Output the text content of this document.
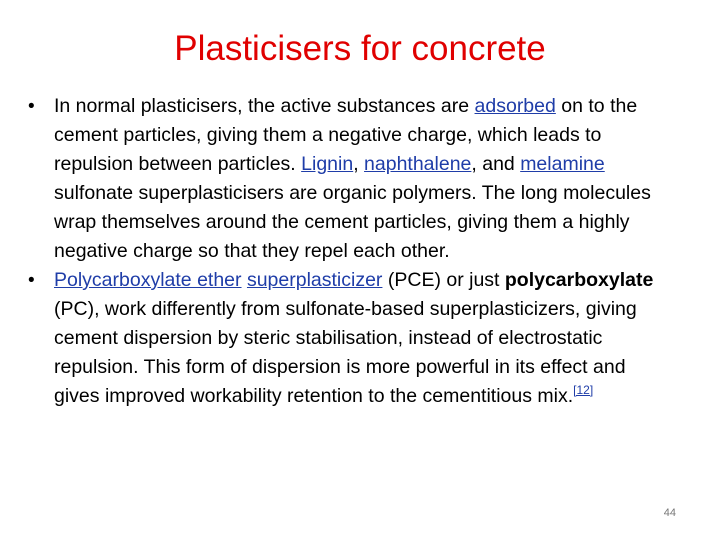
Plasticisers for concrete
• In normal plasticisers, the active substances are adsorbed on to the cement particles, giving them a negative charge, which leads to repulsion between particles. Lignin, naphthalene, and melamine sulfonate superplasticisers are organic polymers. The long molecules wrap themselves around the cement particles, giving them a highly negative charge so that they repel each other.
• Polycarboxylate ether superplasticizer (PCE) or just polycarboxylate (PC), work differently from sulfonate-based superplasticizers, giving cement dispersion by steric stabilisation, instead of electrostatic repulsion. This form of dispersion is more powerful in its effect and gives improved workability retention to the cementitious mix.[12]
44
